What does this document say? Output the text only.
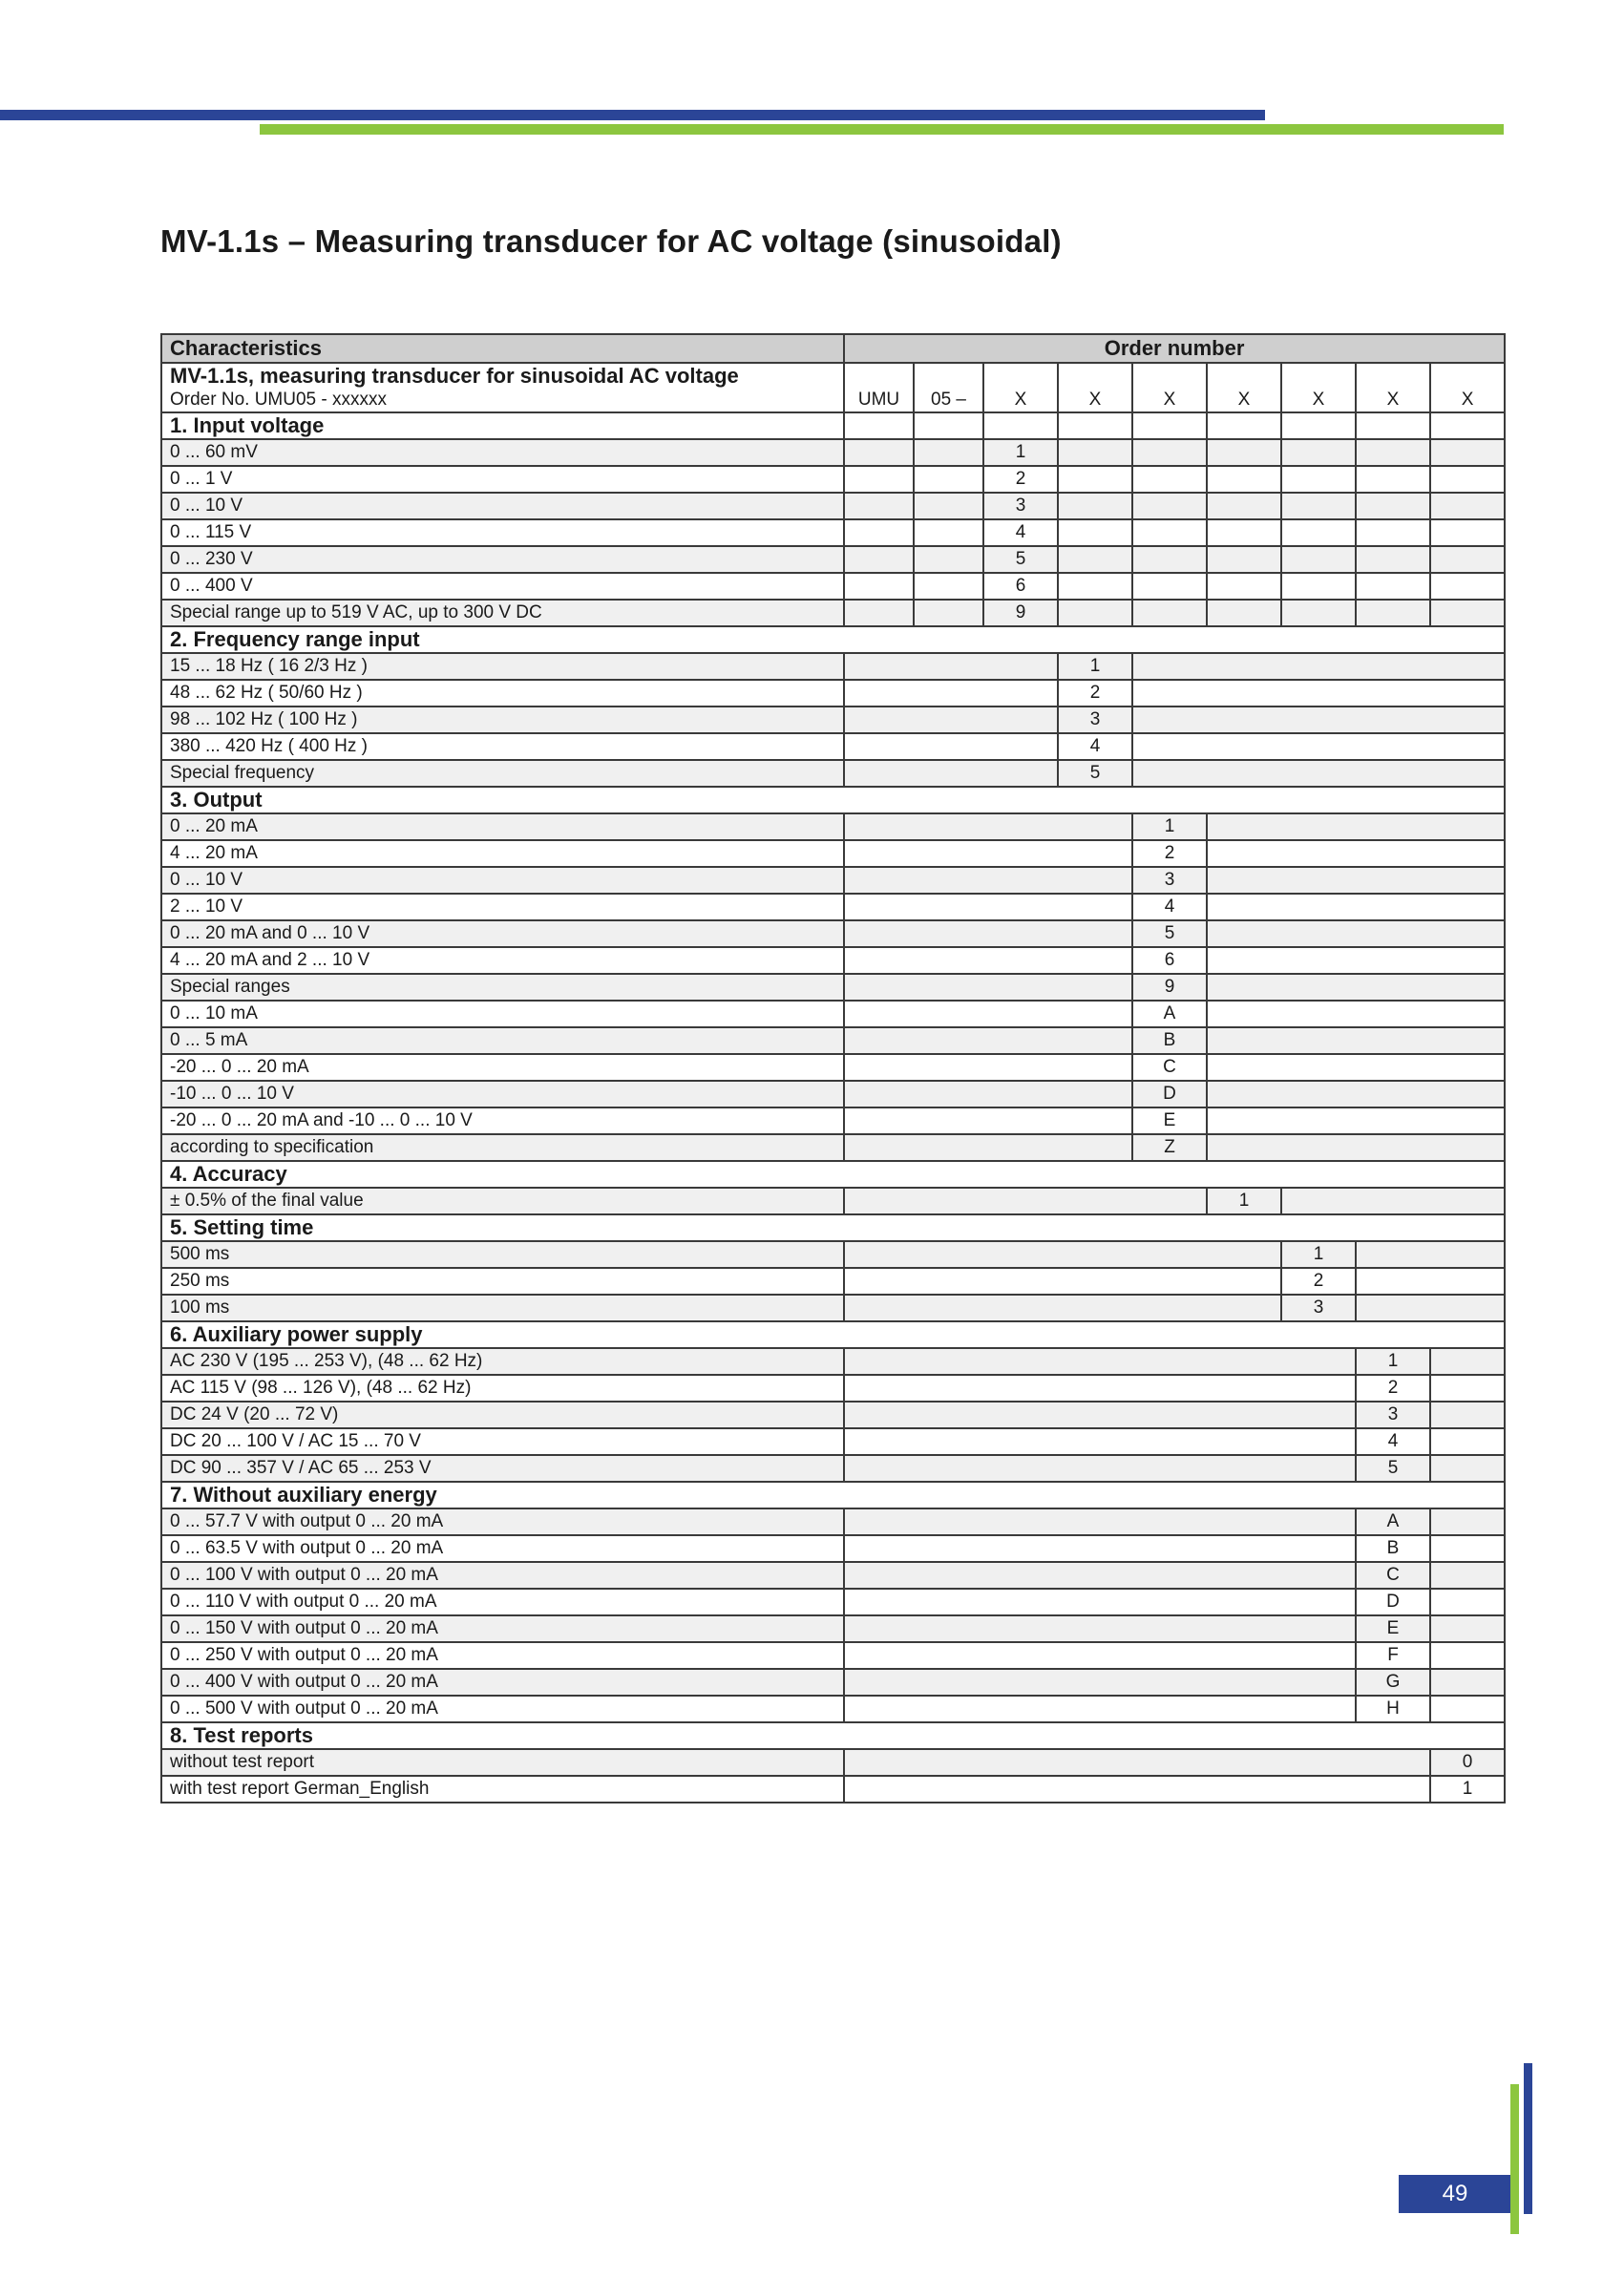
MV-1.1s – Measuring transducer for AC voltage (sinusoidal)
Characteristics	Order number								

MV-1.1s, measuring transducer for sinusoidal AC voltage
Order No. UMU05 - xxxxxx	UMU	05 –	X	X	X	X	X	X	X
1. Input voltage									
0 ... 60 mV			1						
0 ... 1 V			2						
0 ... 10 V			3						
0 ... 115 V			4						
0 ... 230 V			5						
0 ... 400 V			6						
Special range up to 519 V AC, up to 300 V DC			9						
2. Frequency range input									
15 ... 18 Hz ( 16 2/3 Hz )				1					
48 ... 62 Hz ( 50/60 Hz )				2					
98 ... 102 Hz ( 100 Hz )				3					
380 ... 420 Hz ( 400 Hz )				4					
Special frequency				5					
3. Output									
0 ... 20 mA					1				
4 ... 20 mA					2				
0 ... 10 V					3				
2 ... 10 V					4				
0 ... 20 mA and 0 ... 10 V					5				
4 ... 20 mA and 2 ... 10 V					6				
Special ranges					9				
0 ... 10 mA					A				
0 ... 5 mA					B				
-20 ... 0 ... 20 mA					C				
-10 ... 0 ... 10 V					D				
-20 ... 0 ... 20 mA and -10 ... 0 ... 10 V					E				
according to specification					Z				
4. Accuracy									
± 0.5% of the final value						1			
5. Setting time									
500 ms							1		
250 ms							2		
100 ms							3		
6. Auxiliary power supply									
AC 230 V (195 ... 253 V), (48 ... 62 Hz)								1	
AC 115 V (98 ... 126 V), (48 ... 62 Hz)								2	
DC 24 V (20 ... 72 V)								3	
DC 20 ... 100 V / AC 15 ... 70 V								4	
DC 90 ... 357 V / AC 65 ... 253 V								5	
7. Without auxiliary energy									
0 ... 57.7 V with output 0 ... 20 mA								A	
0 ... 63.5 V with output 0 ... 20 mA								B	
0 ... 100 V with output 0 ... 20 mA								C	
0 ... 110 V with output 0 ... 20 mA								D	
0 ... 150 V with output 0 ... 20 mA								E	
0 ... 250 V with output 0 ... 20 mA								F	
0 ... 400 V with output 0 ... 20 mA								G	
0 ... 500 V with output 0 ... 20 mA								H	
8. Test reports									
without test report									0
with test report German_English									1
49
